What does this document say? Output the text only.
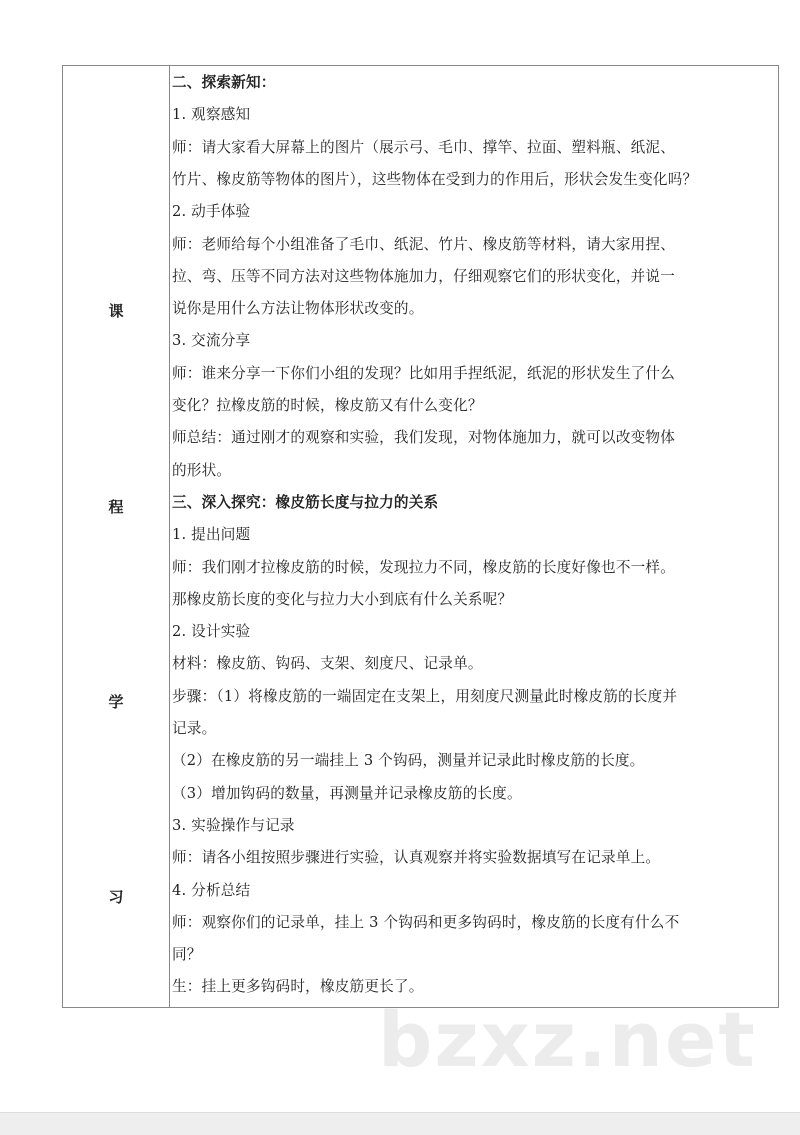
课
程
学
习
二、探索新知：
1. 观察感知
师：请大家看大屏幕上的图片（展示弓、毛巾、撑竿、拉面、塑料瓶、纸泥、
竹片、橡皮筋等物体的图片），这些物体在受到力的作用后，形状会发生变化吗？
2. 动手体验
师：老师给每个小组准备了毛巾、纸泥、竹片、橡皮筋等材料，请大家用捏、
拉、弯、压等不同方法对这些物体施加力，仔细观察它们的形状变化，并说一
说你是用什么方法让物体形状改变的。
3. 交流分享
师：谁来分享一下你们小组的发现？比如用手捏纸泥，纸泥的形状发生了什么
变化？拉橡皮筋的时候，橡皮筋又有什么变化？
师总结：通过刚才的观察和实验，我们发现，对物体施加力，就可以改变物体
的形状。
三、深入探究：橡皮筋长度与拉力的关系
1. 提出问题
师：我们刚才拉橡皮筋的时候，发现拉力不同，橡皮筋的长度好像也不一样。
那橡皮筋长度的变化与拉力大小到底有什么关系呢？
2. 设计实验
材料：橡皮筋、钩码、支架、刻度尺、记录单。
步骤：（1）将橡皮筋的一端固定在支架上，用刻度尺测量此时橡皮筋的长度并
记录。
（2）在橡皮筋的另一端挂上 3 个钩码，测量并记录此时橡皮筋的长度。
（3）增加钩码的数量，再测量并记录橡皮筋的长度。
3. 实验操作与记录
师：请各小组按照步骤进行实验，认真观察并将实验数据填写在记录单上。
4. 分析总结
师：观察你们的记录单，挂上 3 个钩码和更多钩码时，橡皮筋的长度有什么不
同？
生：挂上更多钩码时，橡皮筋更长了。
bzxz.net
